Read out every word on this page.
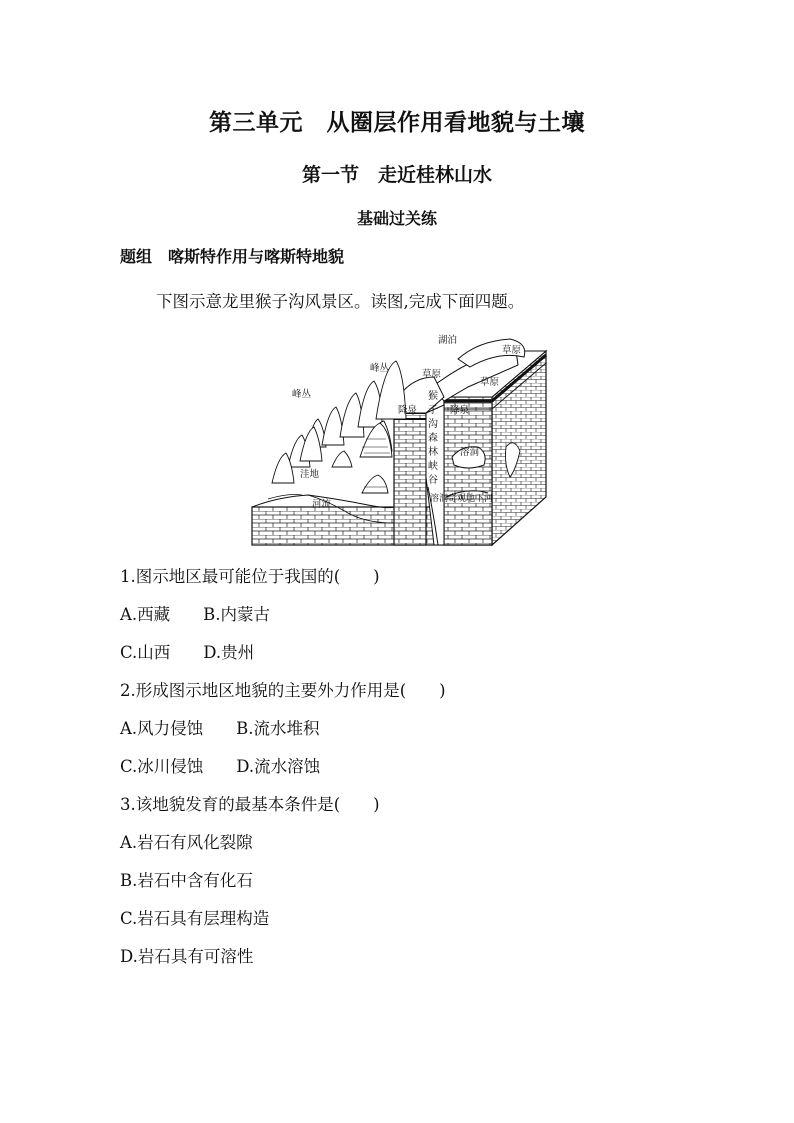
第三单元　从圈层作用看地貌与土壤
第一节　走近桂林山水
基础过关练
题组　喀斯特作用与喀斯特地貌
下图示意龙里猴子沟风景区。读图,完成下面四题。
湖泊
草原
草原
草原
峰丛
峰丛
洼地
河流
降泉	降泉
溶洞
溶洞奇观地下河
猴
子
沟
森
林
峡
谷
1.图示地区最可能位于我国的(　　)
A.西藏　　B.内蒙古
C.山西　　D.贵州
2.形成图示地区地貌的主要外力作用是(　　)
A.风力侵蚀　　B.流水堆积
C.冰川侵蚀　　D.流水溶蚀
3.该地貌发育的最基本条件是(　　)
A.岩石有风化裂隙
B.岩石中含有化石
C.岩石具有层理构造
D.岩石具有可溶性
